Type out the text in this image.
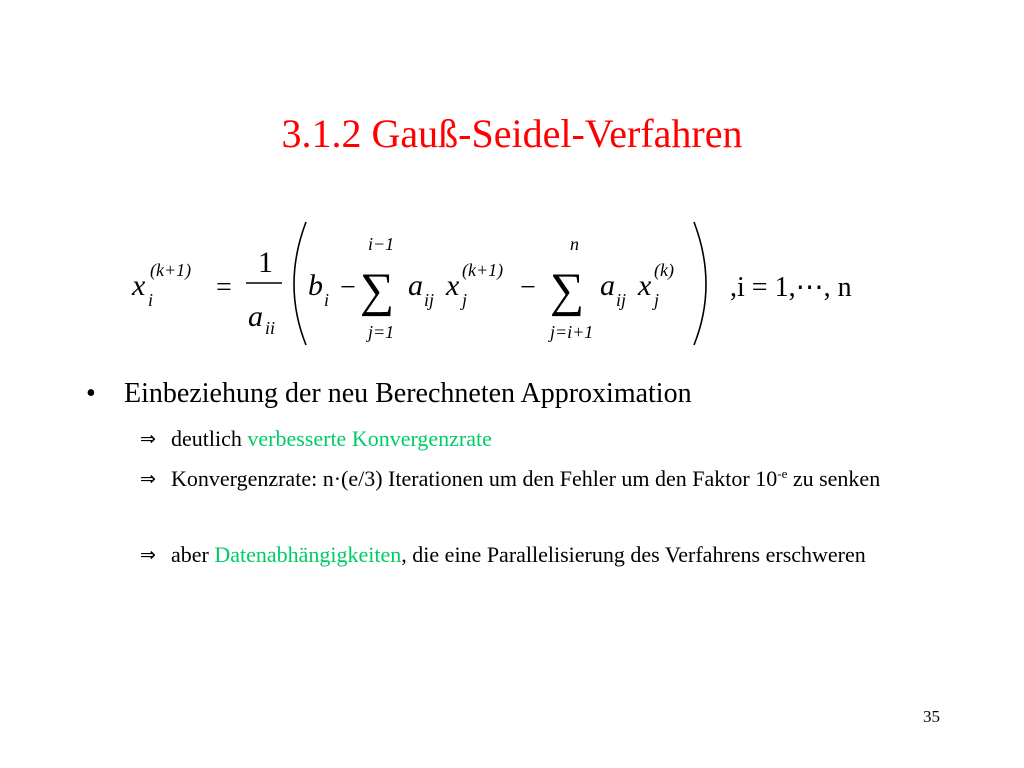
3.1.2 Gauß-Seidel-Verfahren
x (k+1)
i =
1
a ii
b i −
i−1
∑
j=1
a ij x (k+1)
j −
n
∑
j=i+1
a ij x (k)
j	,i = 1,⋯, n
•	Einbeziehung der neu Berechneten Approximation
⇒ deutlich verbesserte Konvergenzrate
⇒ Konvergenzrate: n·(e/3) Iterationen um den Fehler um den Faktor $10^{-e}$ zu senken
⇒ aber Datenabhängigkeiten, die eine Parallelisierung des Verfahrens erschweren
35
